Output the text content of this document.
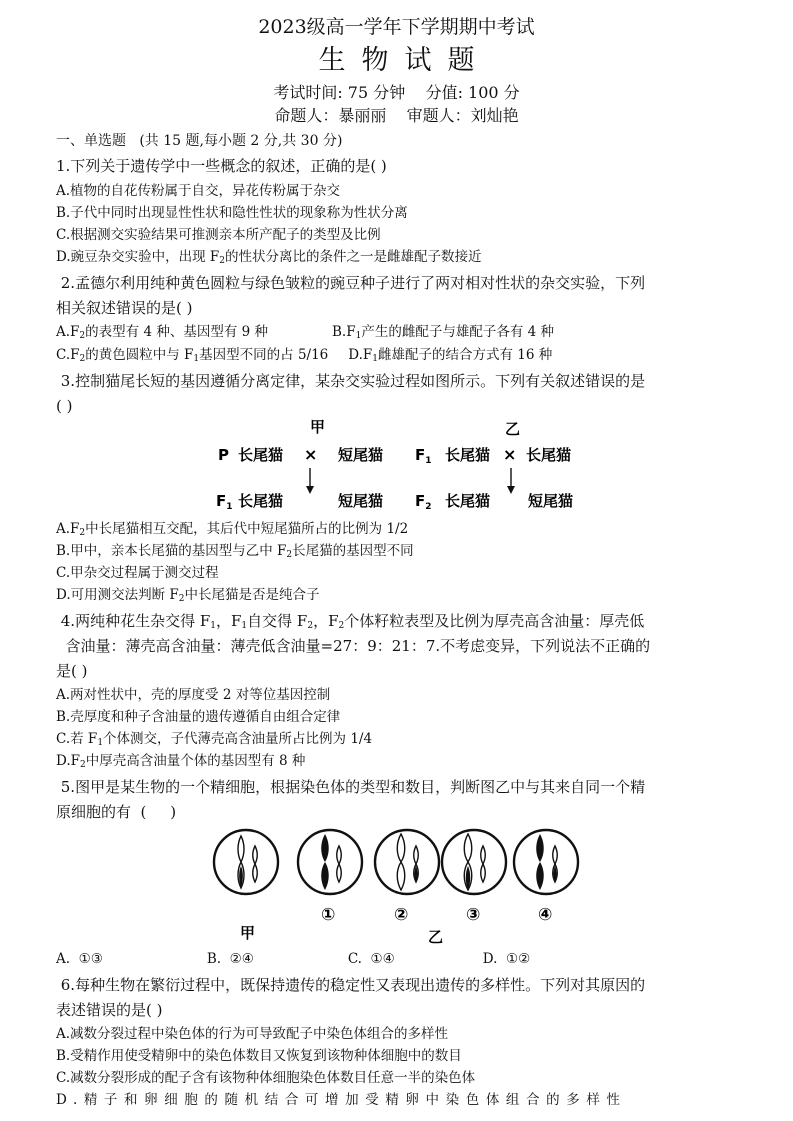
2023级高一学年下学期期中考试
生物试题
考试时间: 75 分钟    分值: 100 分
命题人：暴丽丽    审题人：刘灿艳
一、单选题   (共 15 题,每小题 2 分,共 30 分)
1.下列关于遗传学中一些概念的叙述，正确的是( )
A.植物的自花传粉属于自交，异花传粉属于杂交
B.子代中同时出现显性性状和隐性性状的现象称为性状分离
C.根据测交实验结果可推测亲本所产配子的类型及比例
D.豌豆杂交实验中，出现 $F_2$的性状分离比的条件之一是雌雄配子数接近
2.孟德尔利用纯种黄色圆粒与绿色皱粒的豌豆种子进行了两对相对性状的杂交实验，下列
相关叙述错误的是( )
$A.F_2$的表型有 4 种、基因型有 9 种	$B.F_1$产生的雌配子与雄配子各有 4 种
$C.F_2$的黄色圆粒中与 $F_1$基因型不同的占 5/16 $D.F_1$雌雄配子的结合方式有 16 种
3.控制猫尾长短的基因遵循分离定律，某杂交实验过程如图所示。下列有关叙述错误的是
( )
甲	乙
P 长尾猫 × 短尾猫 $F_1$ 长尾猫 × 长尾猫
$F_1$ 长尾猫	短尾猫 $F_2$ 长尾猫	短尾猫
$A.F_2$中长尾猫相互交配，其后代中短尾猫所占的比例为 1/2
B.甲中，亲本长尾猫的基因型与乙中 $F_2$长尾猫的基因型不同
C.甲杂交过程属于测交过程
D.可用测交法判断 $F_2$中长尾猫是否是纯合子
4.两纯种花生杂交得 $F_1$，$F_1$自交得 $F_2$，$F_2$个体籽粒表型及比例为厚壳高含油量：厚壳低
含油量：薄壳高含油量：薄壳低含油量=27：9：21：7.不考虑变异，下列说法不正确的
是( )
A.两对性状中，壳的厚度受 2 对等位基因控制
B.壳厚度和种子含油量的遗传遵循自由组合定律
C.若 $F_1$个体测交，子代薄壳高含油量所占比例为 1/4
$D.F_2$中厚壳高含油量个体的基因型有 8 种
5.图甲是某生物的一个精细胞，根据染色体的类型和数目，判断图乙中与其来自同一个精
原细胞的有  (     )
①	②	③	④
甲	乙
A.  ①③	B.  ②④	C.  ①④	D.  ①②
6.每种生物在繁衍过程中，既保持遗传的稳定性又表现出遗传的多样性。下列对其原因的
表述错误的是( )
A.减数分裂过程中染色体的行为可导致配子中染色体组合的多样性
B.受精作用使受精卵中的染色体数目又恢复到该物种体细胞中的数目
C.减数分裂形成的配子含有该物种体细胞染色体数目任意一半的染色体
D.精子和卵细胞的随机结合可增加受精卵中染色体组合的多样性
